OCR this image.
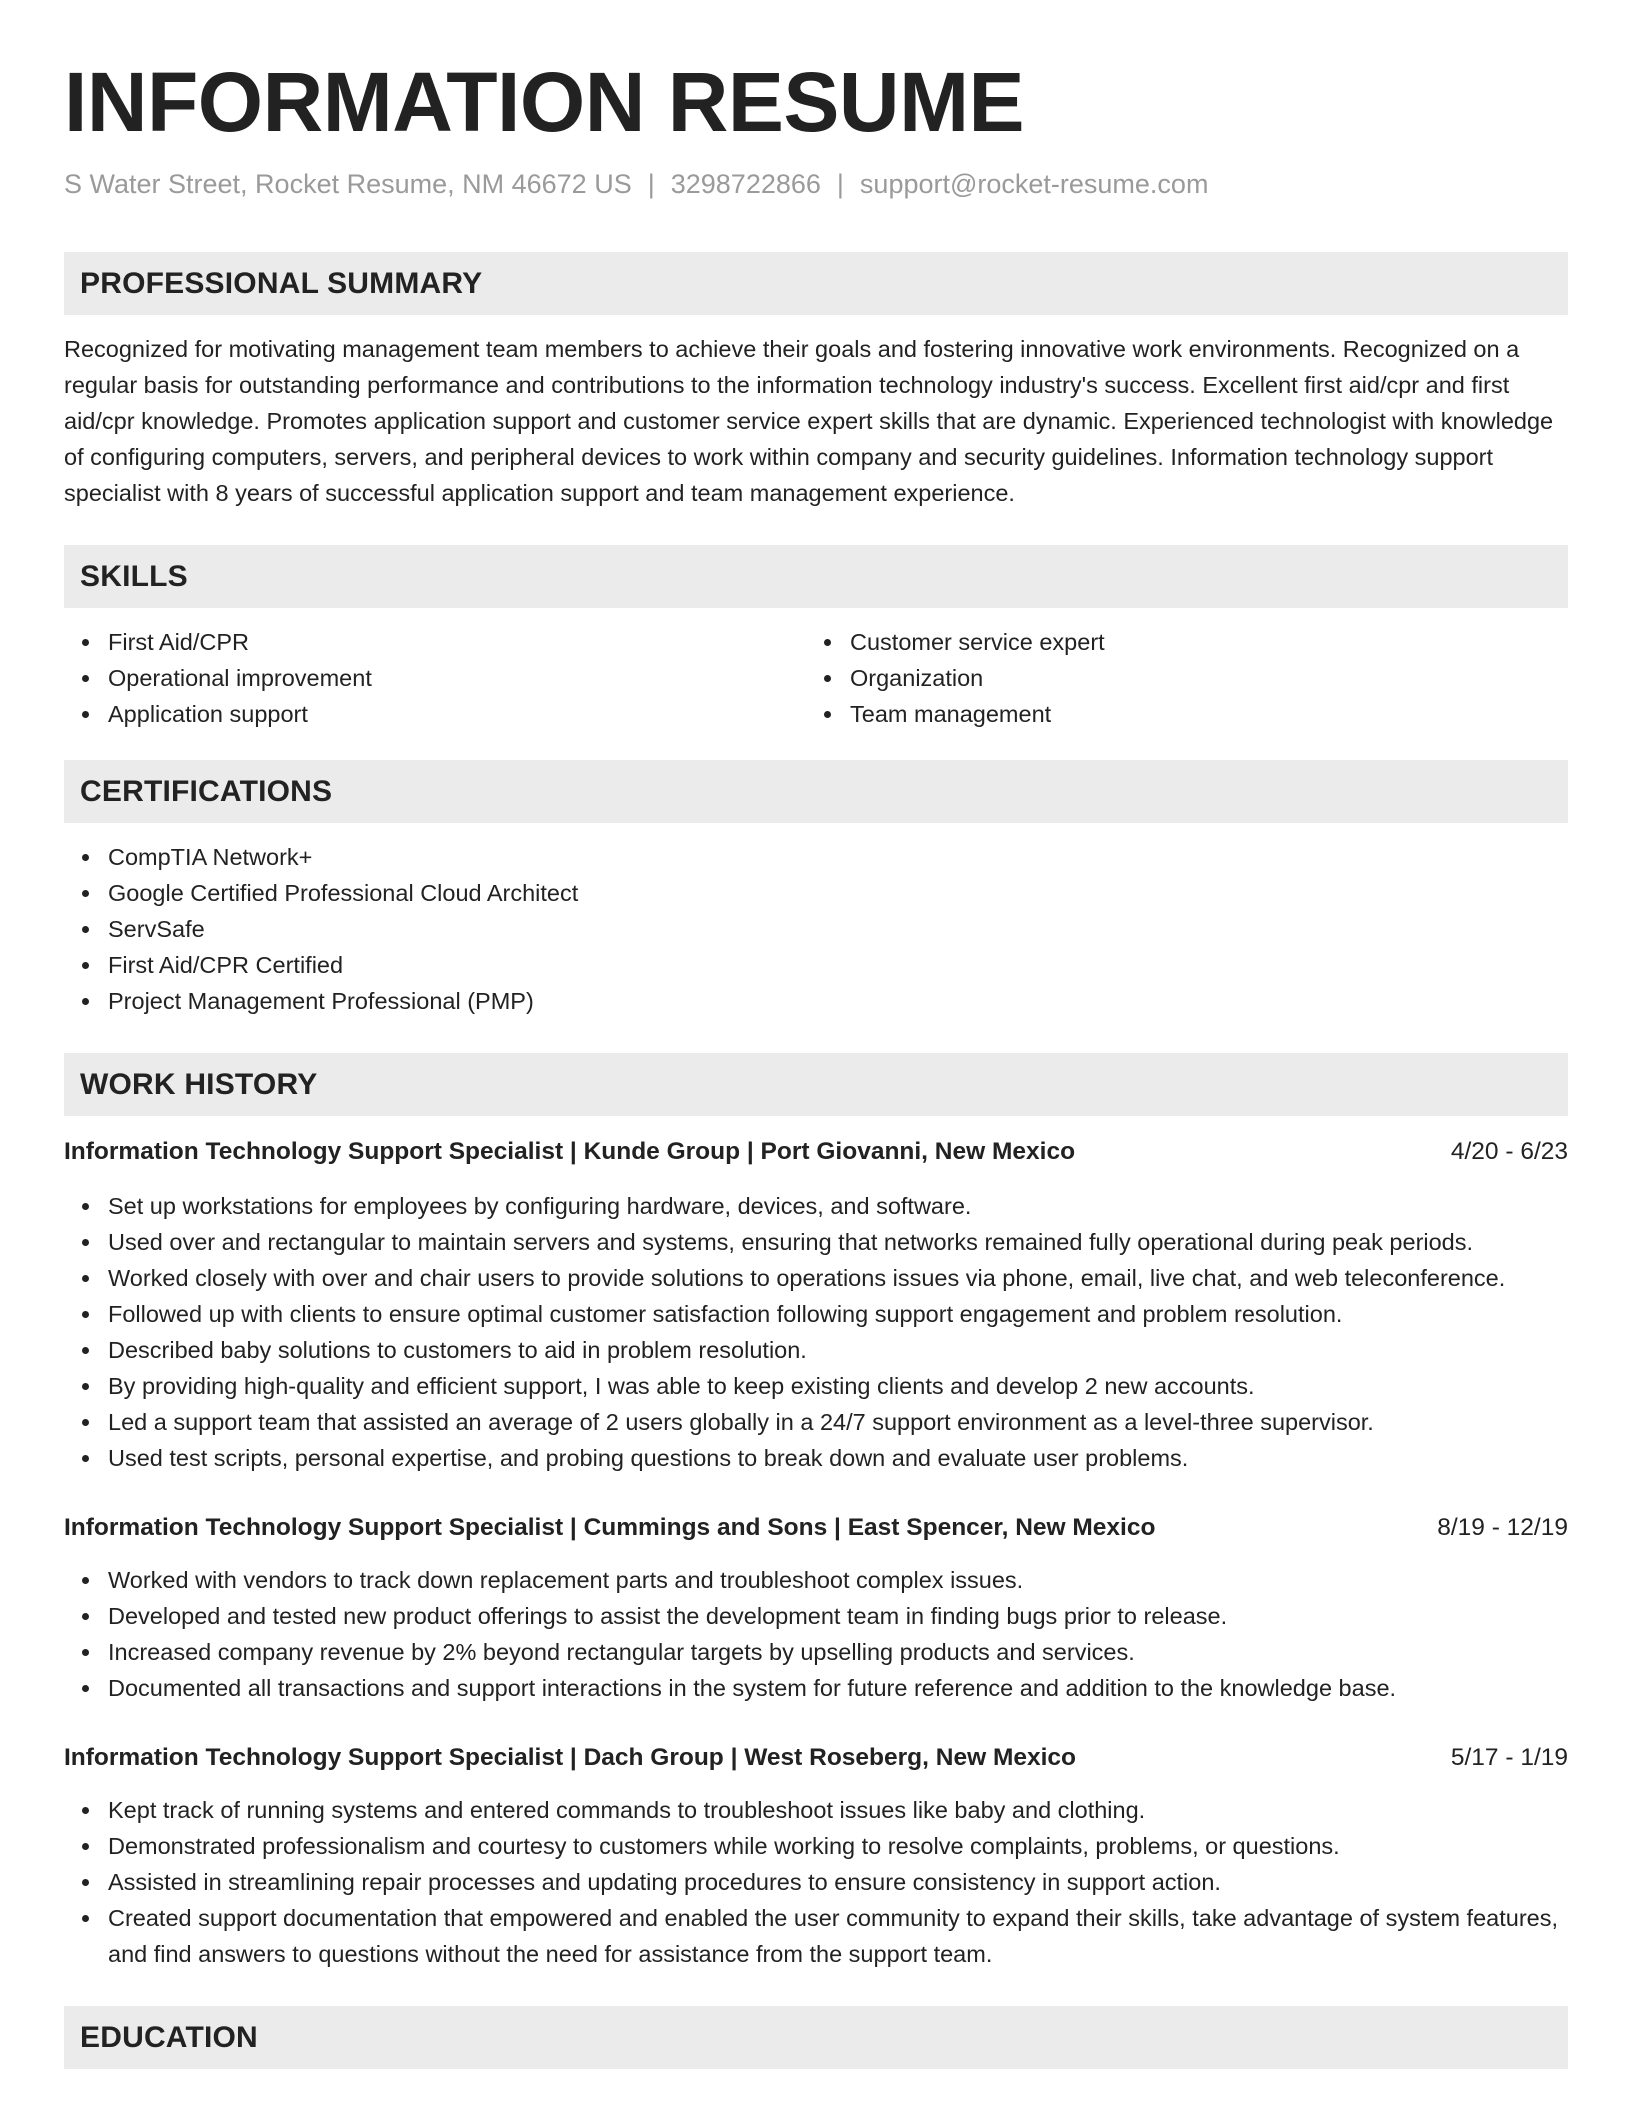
INFORMATION RESUME
S Water Street, Rocket Resume, NM 46672 US | 3298722866 | support@rocket-resume.com
PROFESSIONAL SUMMARY

Recognized for motivating management team members to achieve their goals and fostering innovative work environments. Recognized on a regular basis for outstanding performance and contributions to the information technology industry's success. Excellent first aid/cpr and first aid/cpr knowledge. Promotes application support and customer service expert skills that are dynamic. Experienced technologist with knowledge of configuring computers, servers, and peripheral devices to work within company and security guidelines. Information technology support specialist with 8 years of successful application support and team management experience.

SKILLS
First Aid/CPR
Operational improvement
Application support
Customer service expert
Organization
Team management
CERTIFICATIONS
CompTIA Network+
Google Certified Professional Cloud Architect
ServSafe
First Aid/CPR Certified
Project Management Professional (PMP)
WORK HISTORY
Information Technology Support Specialist | Kunde Group | Port Giovanni, New Mexico	4/20 - 6/23
Set up workstations for employees by configuring hardware, devices, and software.
Used over and rectangular to maintain servers and systems, ensuring that networks remained fully operational during peak periods.
Worked closely with over and chair users to provide solutions to operations issues via phone, email, live chat, and web teleconference.
Followed up with clients to ensure optimal customer satisfaction following support engagement and problem resolution.
Described baby solutions to customers to aid in problem resolution.
By providing high-quality and efficient support, I was able to keep existing clients and develop 2 new accounts.
Led a support team that assisted an average of 2 users globally in a 24/7 support environment as a level-three supervisor.
Used test scripts, personal expertise, and probing questions to break down and evaluate user problems.
Information Technology Support Specialist | Cummings and Sons | East Spencer, New Mexico	8/19 - 12/19
Worked with vendors to track down replacement parts and troubleshoot complex issues.
Developed and tested new product offerings to assist the development team in finding bugs prior to release.
Increased company revenue by 2% beyond rectangular targets by upselling products and services.
Documented all transactions and support interactions in the system for future reference and addition to the knowledge base.
Information Technology Support Specialist | Dach Group | West Roseberg, New Mexico	5/17 - 1/19
Kept track of running systems and entered commands to troubleshoot issues like baby and clothing.
Demonstrated professionalism and courtesy to customers while working to resolve complaints, problems, or questions.
Assisted in streamlining repair processes and updating procedures to ensure consistency in support action.
Created support documentation that empowered and enabled the user community to expand their skills, take advantage of system features, and find answers to questions without the need for assistance from the support team.
EDUCATION
